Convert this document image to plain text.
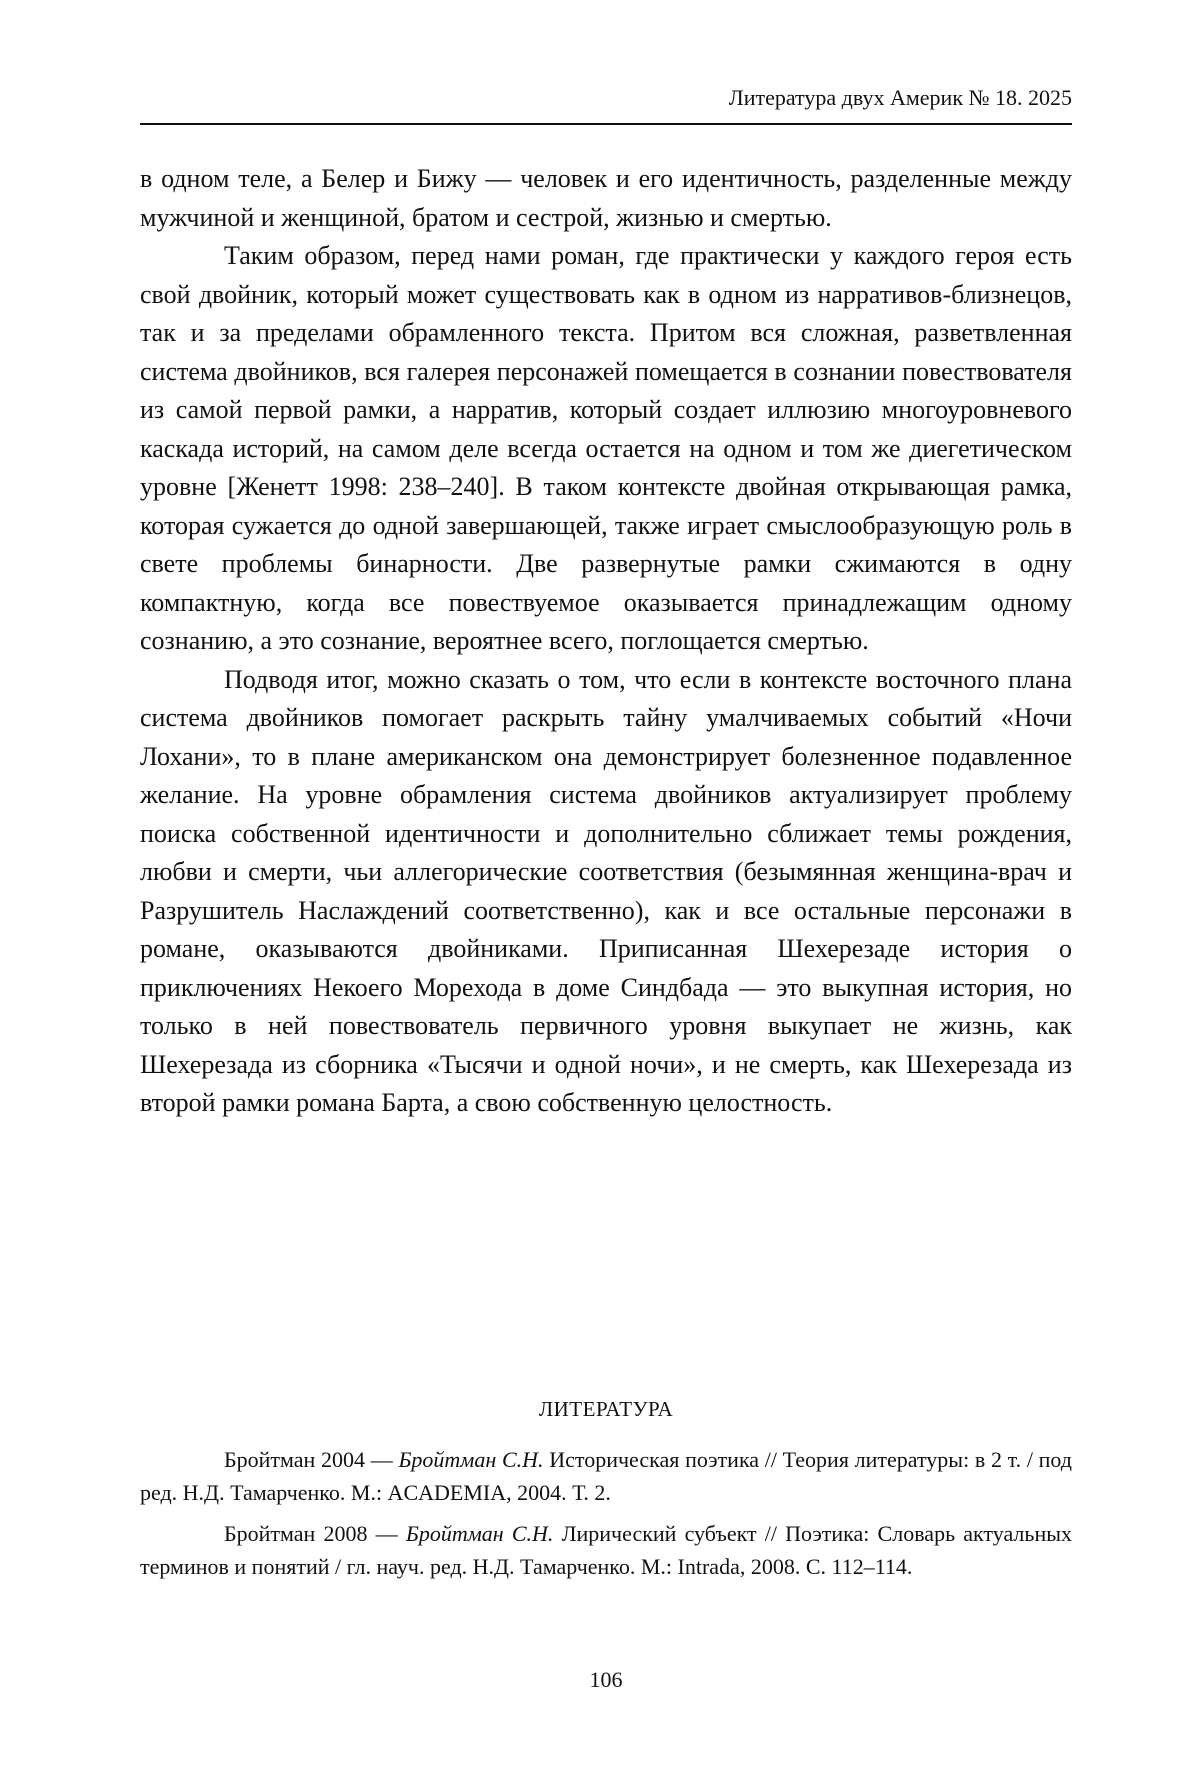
Литература двух Америк № 18. 2025

в одном теле, а Белер и Бижу — человек и его идентичность, разделенные между мужчиной и женщиной, братом и сестрой, жизнью и смертью.

Таким образом, перед нами роман, где практически у каждого героя есть свой двойник, который может существовать как в одном из нарративов-близнецов, так и за пределами обрамленного текста. Притом вся сложная, разветвленная система двойников, вся галерея персонажей помещается в сознании повествователя из самой первой рамки, а нарратив, который создает иллюзию многоуровневого каскада историй, на самом деле всегда остается на одном и том же диегетическом уровне [Женетт 1998: 238–240]. В таком контексте двойная открывающая рамка, которая сужается до одной завершающей, также играет смыслообразующую роль в свете проблемы бинарности. Две развернутые рамки сжимаются в одну компактную, когда все повествуемое оказывается принадлежащим одному сознанию, а это сознание, вероятнее всего, поглощается смертью.

Подводя итог, можно сказать о том, что если в контексте восточного плана система двойников помогает раскрыть тайну умалчиваемых событий «Ночи Лохани», то в плане американском она демонстрирует болезненное подавленное желание. На уровне обрамления система двойников актуализирует проблему поиска собственной идентичности и дополнительно сближает темы рождения, любви и смерти, чьи аллегорические соответствия (безымянная женщина-врач и Разрушитель Наслаждений соответственно), как и все остальные персонажи в романе, оказываются двойниками. Приписанная Шехерезаде история о приключениях Некоего Морехода в доме Синдбада — это выкупная история, но только в ней повествователь первичного уровня выкупает не жизнь, как Шехерезада из сборника «Тысячи и одной ночи», и не смерть, как Шехерезада из второй рамки романа Барта, а свою собственную целостность.

ЛИТЕРАТУРА

Бройтман 2004 — Бройтман С.Н. Историческая поэтика // Теория литературы: в 2 т. / под ред. Н.Д. Тамарченко. М.: ACADEMIA, 2004. Т. 2.

Бройтман 2008 — Бройтман С.Н. Лирический субъект // Поэтика: Словарь актуальных терминов и понятий / гл. науч. ред. Н.Д. Тамарченко. М.: Intrada, 2008. С. 112–114.

106
